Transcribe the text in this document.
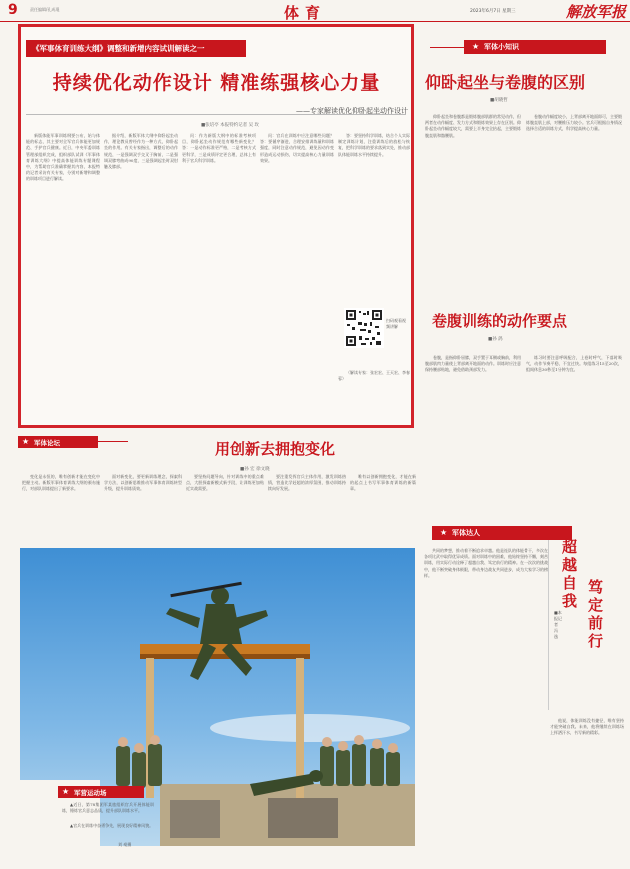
9	责任编辑/孔成琨	体育	2023年6月7日 星期三	解放军报
《军事体育训练大纲》调整和新增内容试训解读之一
持续优化动作设计 精准练强核心力量
——专家解读优化仰卧起坐动作设计
■张培亭 本报特约记者 吴 玫

新版体能军事训练纲要公布，始与体能的标志，其主要对全军官兵体能更加规范、手护官兵健康。近日，中央军委训练管理部组织完成，组织部队试训《军事体育训练大纲》中提高体能训练专题课程中，为帮助官兵准确掌握其内容，本报特约记者采访有关专家，分别对新增和调整的训练项目进行解读。

据介绍，新版军体大纲中仰卧起坐动作，理论教员曾经作为一种方式，仰卧起坐的作用。有关专家指出，调整后的动作规范，一是强调双手交叉于胸前，二是强调双膝弯曲成90度，三是强调起坐时双肘触及膝部。

问：作为新版大纲中的标准考核项目，仰卧起坐动作规范有哪些新变化？答：一是动作标准更严格，二是考核方式更科学，三是成绩评定更合理，总体上有利于官兵科学训练。

问：官兵在训练中应注意哪些问题？答：要循序渐进，合理安排训练量和训练强度，同时注意动作规范，避免因动作变形造成运动损伤，切实提高核心力量训练效果。

答：要坚持科学训练，结合个人实际制定训练计划，注重训练后的放松与恢复，把科学训练的要求落到实处，推动部队体能训练水平持续提升。

扫码观看视频讲解

（解读专家：张宏宏、王天宏、李春蓉）

★ 军体小知识
仰卧起坐与卷腹的区别
■胡晓哲

仰卧起坐和卷腹都是锻炼腹部肌群的常见动作，但两者在动作幅度、发力方式和锻炼效果上存在区别。仰卧起坐动作幅度较大，需要上半身完全抬起，主要锻炼腹直肌和髂腰肌。

卷腹动作幅度较小，上背部离开地面即可，主要锻炼腹直肌上部，对腰椎压力较小。官兵可根据自身情况选择合适的训练方式，科学提高核心力量。

卷腹训练的动作要点
■孙 鸽

卷腹，是指仰卧屈膝，双手置于耳侧或胸前，利用腹部肌肉力量使上背部离开地面的动作。训练时应注意保持腰部贴地，避免借助颈部发力。

练习时要注意呼吸配合，上卷时呼气，下落时吸气，动作节奏平稳，不宜过快。每组练习15至20次，组间休息30秒至1分钟为宜。

★ 军体论坛	用创新去拥抱变化
■孙 宏 徐文晓

变化是永恒的，唯有创新才能在变化中把握主动。新版军事体育训练大纲的颁布施行，对部队训练提出了新要求。

面对新变化，要更新训练理念，探索科学方法，以创新思维推动军事体育训练转型升级，提升训练质效。

要坚持问题导向，针对训练中的重点难点，大胆探索新模式新手段，让训练更加贴近实战需要。

要注重发挥官兵主体作用，激发训练热情，营造比学赶超的浓厚氛围，推动训练持续向好发展。

唯有以创新拥抱变化，才能在新的起点上书写军事体育训练的新篇章。

★ 军营运动场

▲近日，第78集团军某旅组织官兵开展体能训练，锤炼官兵意志品质，提升部队训练水平。

▲官兵在训练中奋勇争先，展现良好精神风貌。

刘 燊摄
★ 军体达人

共同的梦想，推动着不断追求卓越。他是连队的体能骨干，多次在各项比武中取得优异成绩。面对训练中的困难，他始终坚持不懈，刻苦训练，用实际行动诠释了超越自我、笃定前行的精神。在一次次的挑战中，他不断突破身体极限，带动身边战友共同进步，成为大家学习的榜样。

超越自我
笃定前行
■本报记者 冯 逸

他说，体能训练没有捷径，唯有坚持才能突破自我。未来，他将继续在训练场上挥洒汗水，书写新的精彩。
